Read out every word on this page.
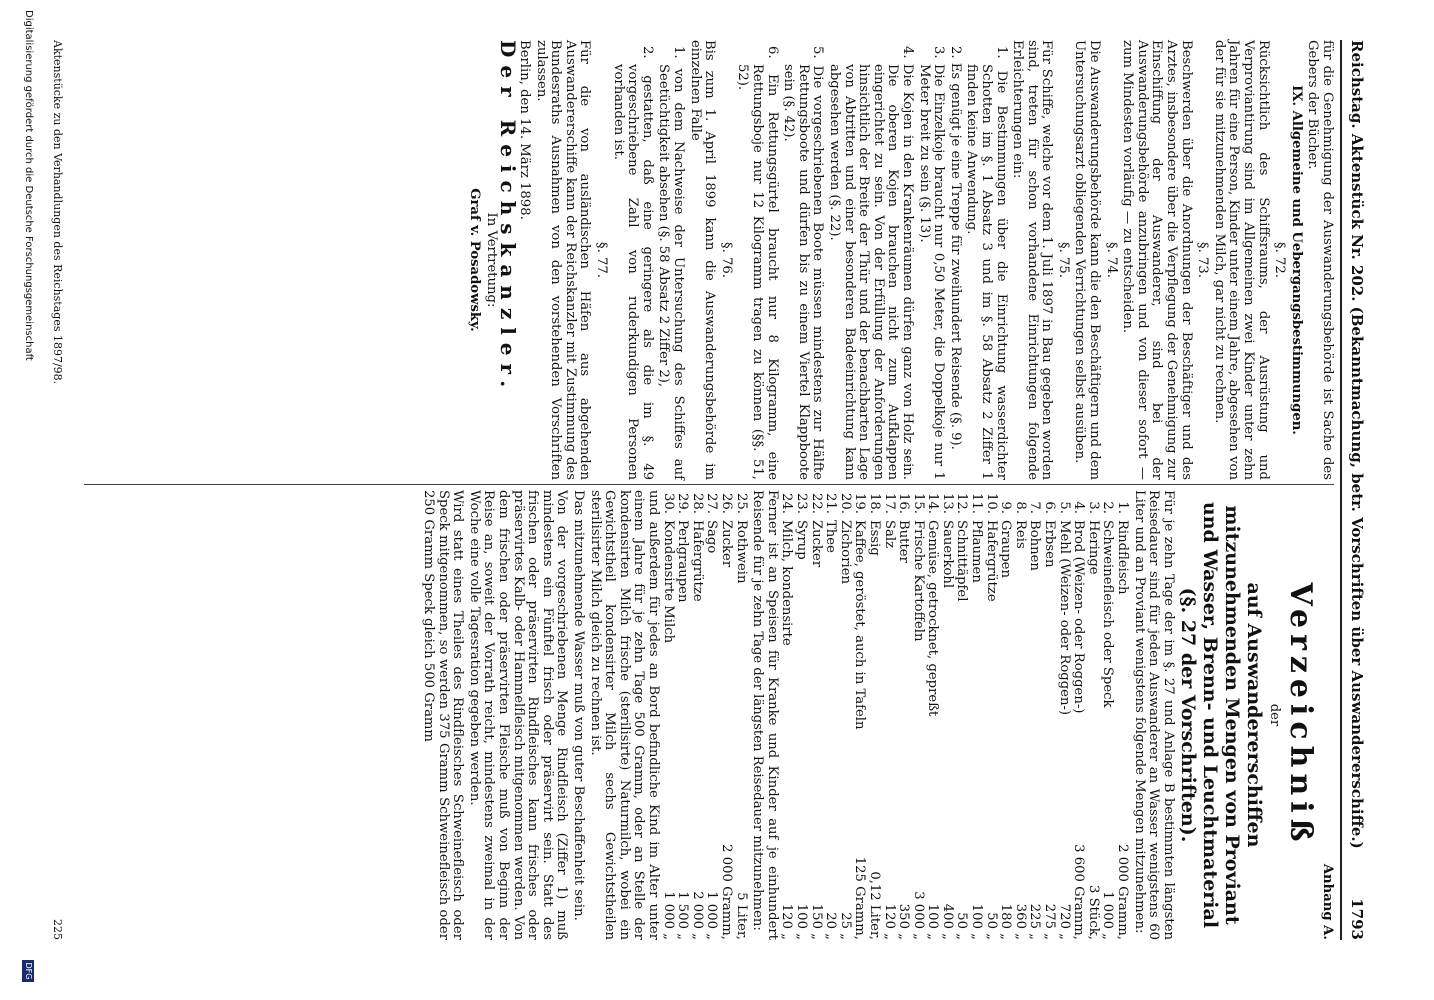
Reichstag. Aktenstück Nr. 202. (Bekanntmachung, betr. Vorschriften über Auswandererschiffe.)
1793

für die Genehmigung der Auswanderungsbehörde ist Sache des Gebers der Bücher.

IX. Allgemeine und Uebergangsbestimmungen.

§. 72.

Rücksichtlich des Schiffsraums, der Ausrüstung und Verproviantirung sind im Allgemeinen zwei Kinder unter zehn Jahren für eine Person, Kinder unter einem Jahre, abgesehen von der für sie mitzunehmenden Milch, gar nicht zu rechnen.

§. 73.

Beschwerden über die Anordnungen der Beschäftiger und des Arztes, insbesondere über die Verpflegung der Genehmigung zur Einschiffung der Auswanderer, sind bei der Auswanderungsbehörde anzubringen und von dieser sofort — zum Mindesten vorläufig — zu entscheiden.

§. 74.

Die Auswanderungsbehörde kann die den Beschäftigern und dem Untersuchungsarzt obliegenden Verrichtungen selbst ausüben.

§. 75.

Für Schiffe, welche vor dem 1. Juli 1897 in Bau gegeben worden sind, treten für schon vorhandene Einrichtungen folgende Erleichterungen ein:

1. Die Bestimmungen über die Einrichtung wasserdichter Schotten im §. 1 Absatz 3 und im §. 58 Absatz 2 Ziffer 1 finden keine Anwendung.

2. Es genügt je eine Treppe für zweihundert Reisende (§. 9).

3. Die Einzelkoje braucht nur 0,50 Meter, die Doppelkoje nur 1 Meter breit zu sein (§. 13).

4. Die Kojen in den Krankenräumen dürfen ganz von Holz sein. Die oberen Kojen brauchen nicht zum Aufklappen eingerichtet zu sein. Von der Erfüllung der Anforderungen hinsichtlich der Breite der Thür und der benachbarten Lage von Abtritten und einer besonderen Badeeinrichtung kann abgesehen werden (§. 22).

5. Die vorgeschriebenen Boote müssen mindestens zur Hälfte Rettungsboote und dürfen bis zu einem Viertel Klappboote sein (§. 42).

6. Ein Rettungsgürtel braucht nur 8 Kilogramm, eine Rettungsboje nur 12 Kilogramm tragen zu können (§§. 51, 52).

§. 76.

Bis zum 1. April 1899 kann die Auswanderungsbehörde im einzelnen Falle

1. von dem Nachweise der Untersuchung des Schiffes auf Seetüchtigkeit absehen (§. 58 Absatz 2 Ziffer 2),

2. gestatten, daß eine geringere als die im §. 49 vorgeschriebene Zahl von ruderkundigen Personen vorhanden ist.

§. 77.

Für die von ausländischen Häfen aus abgehenden Auswandererschiffe kann der Reichskanzler mit Zustimmung des Bundesraths Ausnahmen von den vorstehenden Vorschriften zulassen.

Berlin, den 14. März 1898.

Der Reichskanzler.

In Vertretung:

Graf v. Posadowsky.

Anhang A.

Verzeichniß

der

auf Auswandererschiffen mitzunehmenden Mengen von Proviant und Wasser, Brenn- und Leuchtmaterial (§. 27 der Vorschriften).

Für je zehn Tage der im §. 27 und Anlage B bestimmten längsten Reisedauer sind für jeden Auswanderer an Wasser wenigstens 60 Liter und an Proviant wenigstens folgende Mengen mitzunehmen:

1.
Rindfleisch
2 000 Gramm,
2.
Schweinefleisch oder Speck
1 000 „
3.
Heringe
3 Stück,
4.
Brod (Weizen- oder Roggen-)
3 600 Gramm,
5.
Mehl (Weizen- oder Roggen-)
720 „
6.
Erbsen
275 „
7.
Bohnen
225 „
8.
Reis
360 „
9.
Graupen
180 „
10.
Hafergrütze
50 „
11.
Pflaumen
100 „
12.
Schnittäpfel
50 „
13.
Sauerkohl
400 „
14.
Gemüse, getrocknet, gepreßt
100 „
15.
Frische Kartoffeln
3 000 „
16.
Butter
350 „
17.
Salz
120 „
18.
Essig
0,12 Liter,
19.
Kaffee, geröstet, auch in Tafeln
125 Gramm,
20.
Zichorien
25 „
21.
Thee
20 „
22.
Zucker
150 „
23.
Syrup
100 „
24.
Milch, kondensirte
120 „

Ferner ist an Speisen für Kranke und Kinder auf je einhundert Reisende für je zehn Tage der längsten Reisedauer mitzunehmen:

25.
Rothwein
5 Liter,
26.
Zucker
2 000 Gramm,
27.
Sago
1 000 „
28.
Hafergrütze
2 000 „
29.
Perlgraupen
1 500 „
30.
Kondensirte Milch
1 000 „

und außerdem für jedes an Bord befindliche Kind im Alter unter einem Jahre für je zehn Tage 500 Gramm, oder an Stelle der kondensirten Milch frische (sterilisirte) Naturmilch, wobei ein Gewichtstheil kondensirter Milch sechs Gewichtstheilen sterilisirter Milch gleich zu rechnen ist.

Das mitzunehmende Wasser muß von guter Beschaffenheit sein.

Von der vorgeschriebenen Menge Rindfleisch (Ziffer 1) muß mindestens ein Fünftel frisch oder präservirt sein. Statt des frischen oder präservirten Rindfleisches kann frisches oder präservirtes Kalb- oder Hammelfleisch mitgenommen werden. Von dem frischen oder präservirten Fleische muß von Beginn der Reise an, soweit der Vorrath reicht, mindestens zweimal in der Woche eine volle Tagesration gegeben werden.

Wird statt eines Theiles des Rindfleisches Schweinefleisch oder Speck mitgenommen, so werden 375 Gramm Schweinefleisch oder 250 Gramm Speck gleich 500 Gramm

Aktenstücke zu den Verhandlungen des Reichstages 1897/98.
225
Digitalisierung gefördert durch die Deutsche Forschungsgemeinschaft
DFG
